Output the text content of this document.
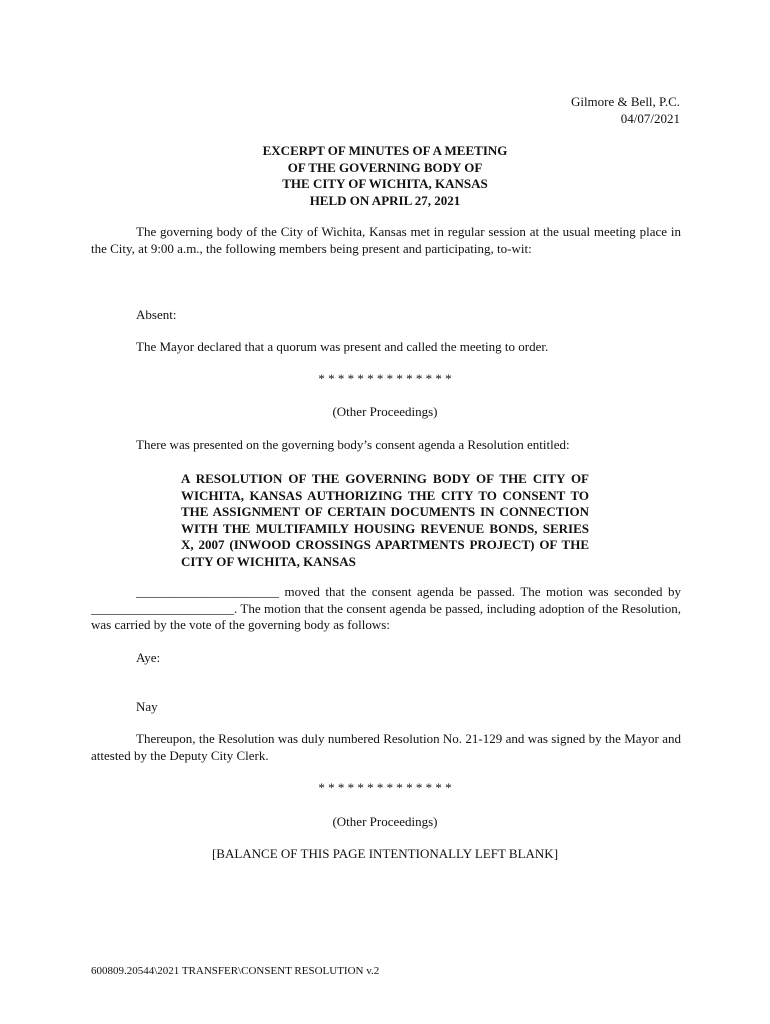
Gilmore & Bell, P.C.
04/07/2021
EXCERPT OF MINUTES OF A MEETING
OF THE GOVERNING BODY OF
THE CITY OF WICHITA, KANSAS
HELD ON APRIL 27, 2021
The governing body of the City of Wichita, Kansas met in regular session at the usual meeting place in the City, at 9:00 a.m., the following members being present and participating, to-wit:
Absent:
The Mayor declared that a quorum was present and called the meeting to order.
* * * * * * * * * * * * * *
(Other Proceedings)
There was presented on the governing body’s consent agenda a Resolution entitled:
A RESOLUTION OF THE GOVERNING BODY OF THE CITY OF WICHITA, KANSAS AUTHORIZING THE CITY TO CONSENT TO THE ASSIGNMENT OF CERTAIN DOCUMENTS IN CONNECTION WITH THE MULTIFAMILY HOUSING REVENUE BONDS, SERIES X, 2007 (INWOOD CROSSINGS APARTMENTS PROJECT) OF THE CITY OF WICHITA, KANSAS
______________________ moved that the consent agenda be passed. The motion was seconded by ______________________. The motion that the consent agenda be passed, including adoption of the Resolution, was carried by the vote of the governing body as follows:
Aye:
Nay
Thereupon, the Resolution was duly numbered Resolution No. 21-129 and was signed by the Mayor and attested by the Deputy City Clerk.
* * * * * * * * * * * * * *
(Other Proceedings)
[BALANCE OF THIS PAGE INTENTIONALLY LEFT BLANK]
600809.20544\2021 TRANSFER\CONSENT RESOLUTION v.2
